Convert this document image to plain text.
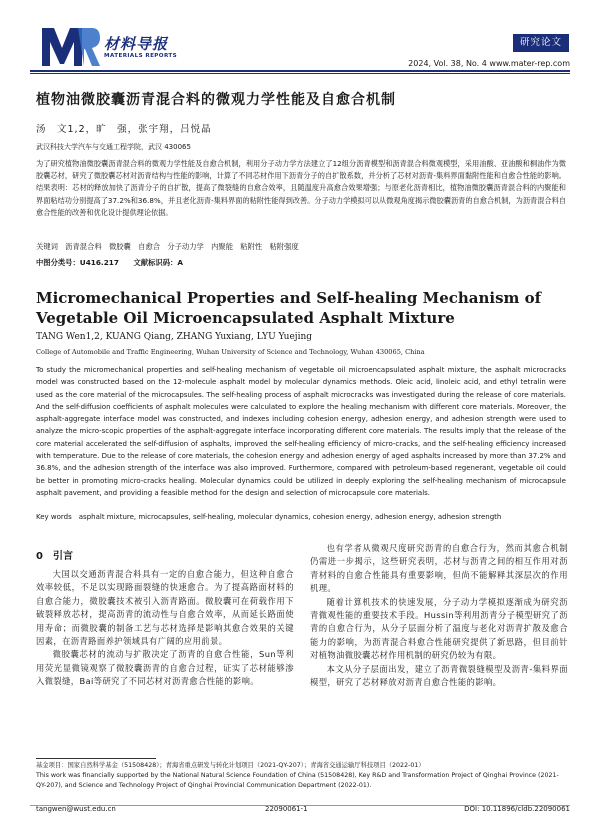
材料导报
MATERIALS REPORTS
研究论文
2024, Vol. 38, No. 4 www.mater-rep.com
植物油微胶囊沥青混合料的微观力学性能及自愈合机制
汤　文1,2，旷　强，张宇翔，吕悦晶
武汉科技大学汽车与交通工程学院，武汉 430065
为了研究植物油微胶囊沥青混合料的微观力学性能及自愈合机制，利用分子动力学方法建立了12组分沥青模型和沥青混合料微观模型，采用油酸、亚油酸和桐油作为微胶囊芯材，研究了微胶囊芯材对沥青结构与性能的影响，计算了不同芯材作用下沥青分子的自扩散系数，并分析了芯材对沥青-集料界面黏附性能和自愈合性能的影响。结果表明：芯材的释放加快了沥青分子的自扩散，提高了微裂缝的自愈合效率，且随温度升高愈合效果增强；与原老化沥青相比，植物油微胶囊沥青混合料的内聚能和界面粘结功分别提高了37.2%和36.8%，并且老化沥青-集料界面的粘附性能得到改善。分子动力学模拟可以从微观角度揭示微胶囊沥青的自愈合机制，为沥青混合料自愈合性能的改善和优化设计提供理论依据。
关键词　沥青混合料　微胶囊　自愈合　分子动力学　内聚能　粘附性　粘附强度
中图分类号：U416.217　　文献标识码：A
Micromechanical Properties and Self-healing Mechanism of Vegetable Oil Microencapsulated Asphalt Mixture
TANG Wen1,2, KUANG Qiang, ZHANG Yuxiang, LYU Yuejing
College of Automobile and Traffic Engineering, Wuhan University of Science and Technology, Wuhan 430065, China
To study the micromechanical properties and self-healing mechanism of vegetable oil microencapsulated asphalt mixture, the asphalt microcracks model was constructed based on the 12-molecule asphalt model by molecular dynamics methods. Oleic acid, linoleic acid, and ethyl tetralin were used as the core material of the microcapsules. The self-healing process of asphalt microcracks was investigated during the release of core materials. And the self-diffusion coefficients of asphalt molecules were calculated to explore the healing mechanism with different core materials. Moreover, the asphalt-aggregate interface model was constructed, and indexes including cohesion energy, adhesion energy, and adhesion strength were used to analyze the micro-scopic properties of the asphalt-aggregate interface incorporating different core materials. The results imply that the release of the core material accelerated the self-diffusion of asphalts, improved the self-healing efficiency of micro-cracks, and the self-healing efficiency increased with temperature. Due to the release of core materials, the cohesion energy and adhesion energy of aged asphalts increased by more than 37.2% and 36.8%, and the adhesion strength of the interface was also improved. Furthermore, compared with petroleum-based regenerant, vegetable oil could be better in promoting micro-cracks healing. Molecular dynamics could be utilized in deeply exploring the self-healing mechanism of microcapsule asphalt pavement, and providing a feasible method for the design and selection of microcapsule core materials.
Key words　asphalt mixture, microcapsules, self-healing, molecular dynamics, cohesion energy, adhesion energy, adhesion strength
0　引言

大国以交通沥青混合料具有一定的自愈合能力，但这种自愈合效率较低，不足以实现路面裂缝的快速愈合。为了提高路面材料的自愈合能力，微胶囊技术被引入沥青路面。微胶囊可在荷载作用下破裂释放芯材，提高沥青的流动性与自愈合效率，从而延长路面使用寿命；而微胶囊的制备工艺与芯材选择是影响其愈合效果的关键因素，在沥青路面养护领域具有广阔的应用前景。

微胶囊芯材的流动与扩散决定了沥青的自愈合性能，Sun等利用荧光显微镜观察了微胶囊沥青的自愈合过程，证实了芯材能够渗入微裂缝，Bai等研究了不同芯材对沥青愈合性能的影响。

也有学者从微观尺度研究沥青的自愈合行为，然而其愈合机制仍需进一步揭示，这些研究表明，芯材与沥青之间的相互作用对沥青材料的自愈合性能具有重要影响，但尚不能解释其深层次的作用机理。

随着计算机技术的快速发展，分子动力学模拟逐渐成为研究沥青微观性能的重要技术手段。Hussin等利用沥青分子模型研究了沥青的自愈合行为，从分子层面分析了温度与老化对沥青扩散及愈合能力的影响，为沥青混合料愈合性能研究提供了新思路，但目前针对植物油微胶囊芯材作用机制的研究仍较为有限。

本文从分子层面出发，建立了沥青微裂缝模型及沥青-集料界面模型，研究了芯材释放对沥青自愈合性能的影响。

基金项目：国家自然科学基金（51508428）；青海省重点研发与转化计划项目（2021-QY-207）；青海省交通运输厅科技项目（2022-01）
This work was financially supported by the National Natural Science Foundation of China (51508428), Key R&D and Transformation Project of Qinghai Province (2021-QY-207), and Science and Technology Project of Qinghai Provincial Communication Department (2022-01).
tangwen@wust.edu.cn	22090061-1	DOI: 10.11896/cldb.22090061
